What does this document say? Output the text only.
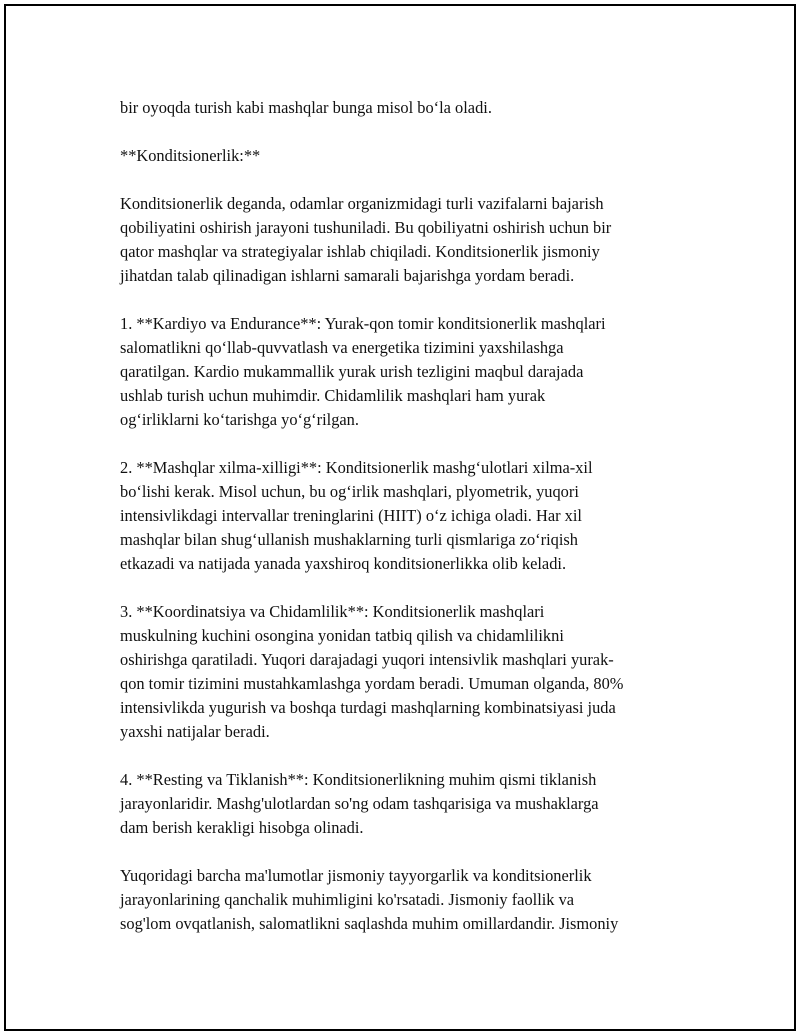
bir oyoqda turish kabi mashqlar bunga misol bo‘la oladi.

**Konditsionerlik:**

Konditsionerlik deganda, odamlar organizmidagi turli vazifalarni bajarish
qobiliyatini oshirish jarayoni tushuniladi. Bu qobiliyatni oshirish uchun bir
qator mashqlar va strategiyalar ishlab chiqiladi. Konditsionerlik jismoniy
jihatdan talab qilinadigan ishlarni samarali bajarishga yordam beradi.

1. **Kardiyo va Endurance**: Yurak-qon tomir konditsionerlik mashqlari
salomatlikni qo‘llab-quvvatlash va energetika tizimini yaxshilashga
qaratilgan. Kardio mukammallik yurak urish tezligini maqbul darajada
ushlab turish uchun muhimdir. Chidamlilik mashqlari ham yurak
og‘irliklarni ko‘tarishga yo‘g‘rilgan.

2. **Mashqlar xilma-xilligi**: Konditsionerlik mashg‘ulotlari xilma-xil
bo‘lishi kerak. Misol uchun, bu og‘irlik mashqlari, plyometrik, yuqori
intensivlikdagi intervallar treninglarini (HIIT) o‘z ichiga oladi. Har xil
mashqlar bilan shug‘ullanish mushaklarning turli qismlariga zo‘riqish
etkazadi va natijada yanada yaxshiroq konditsionerlikka olib keladi.

3. **Koordinatsiya va Chidamlilik**: Konditsionerlik mashqlari
muskulning kuchini osongina yonidan tatbiq qilish va chidamlilikni
oshirishga qaratiladi. Yuqori darajadagi yuqori intensivlik mashqlari yurak-
qon tomir tizimini mustahkamlashga yordam beradi. Umuman olganda, 80%
intensivlikda yugurish va boshqa turdagi mashqlarning kombinatsiyasi juda
yaxshi natijalar beradi.

4. **Resting va Tiklanish**: Konditsionerlikning muhim qismi tiklanish
jarayonlaridir. Mashg'ulotlardan so'ng odam tashqarisiga va mushaklarga
dam berish kerakligi hisobga olinadi.

Yuqoridagi barcha ma'lumotlar jismoniy tayyorgarlik va konditsionerlik
jarayonlarining qanchalik muhimligini ko'rsatadi. Jismoniy faollik va
sog'lom ovqatlanish, salomatlikni saqlashda muhim omillardandir. Jismoniy
